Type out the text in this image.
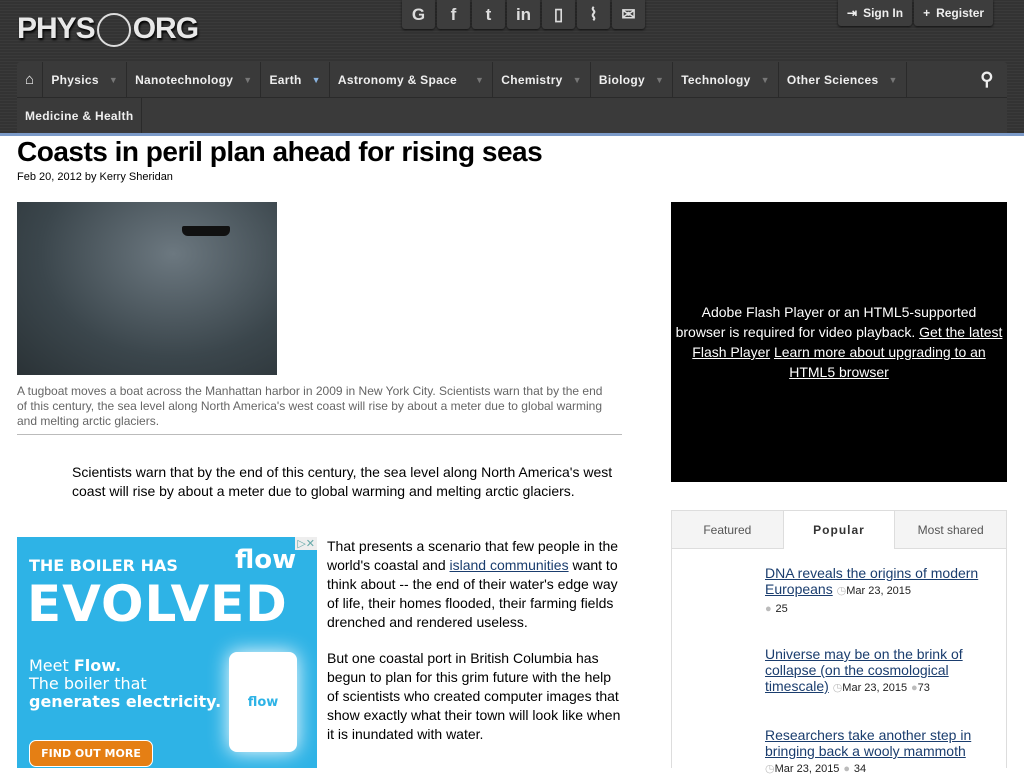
PHYS ORG	G	f	t	in	▯	⌇	✉	⇥ Sign In + Register
⌂	Physics ▼ Nanotechnology ▼ Earth ▼ Astronomy & Space ▼ Chemistry ▼ Biology ▼ Technology ▼ Other Sciences ▼	⚲
Medicine & Health
Coasts in peril plan ahead for rising seas
Feb 20, 2012 by Kerry Sheridan
A tugboat moves a boat across the Manhattan harbor in 2009 in New York City. Scientists warn that by the end of this century, the sea level along North America's west coast will rise by about a meter due to global warming and melting arctic glaciers.

Scientists warn that by the end of this century, the sea level along North America's west coast will rise by about a meter due to global warming and melting arctic glaciers.

▷✕
THE BOILER HAS flow
EVOLVED
Meet Flow.
The boiler that
generates electricity. flow
FIND OUT MORE

That presents a scenario that few people in the world's coastal and island communities want to think about -- the end of their water's edge way of life, their homes flooded, their farming fields drenched and rendered useless.

But one coastal port in British Columbia has begun to plan for this grim future with the help of scientists who created computer images that show exactly what their town will look like when it is inundated with water.

Adobe Flash Player or an HTML5-supported browser is required for video playback. Get the latest Flash Player Learn more about upgrading to an HTML5 browser
Featured	Popular	Most shared
DNA reveals the origins of modern Europeans ◷Mar 23, 2015
● 25
Universe may be on the brink of collapse (on the cosmological timescale) ◷Mar 23, 2015 ●73
Researchers take another step in bringing back a wooly mammoth
◷Mar 23, 2015 ● 34
